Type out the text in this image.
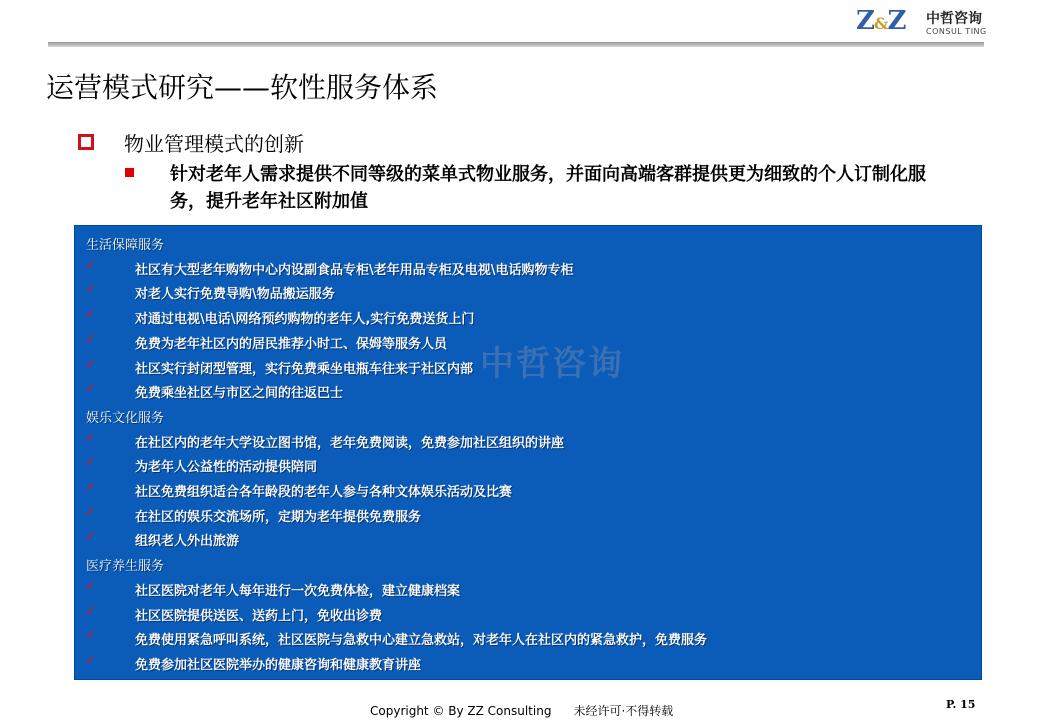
Z&Z 中哲咨询
CONSUL TING
运营模式研究——软性服务体系
物业管理模式的创新
针对老年人需求提供不同等级的菜单式物业服务，并面向高端客群提供更为细致的个人订制化服务，提升老年社区附加值
生活保障服务
✓	社区有大型老年购物中心内设副食品专柜\老年用品专柜及电视\电话购物专柜
✓	对老人实行免费导购\物品搬运服务
✓	对通过电视\电话\网络预约购物的老年人,实行免费送货上门
✓	免费为老年社区内的居民推荐小时工、保姆等服务人员
✓	社区实行封闭型管理，实行免费乘坐电瓶车往来于社区内部
✓	免费乘坐社区与市区之间的往返巴士
娱乐文化服务
✓	在社区内的老年大学设立图书馆，老年免费阅读，免费参加社区组织的讲座
✓	为老年人公益性的活动提供陪同
✓	社区免费组织适合各年龄段的老年人参与各种文体娱乐活动及比赛
✓	在社区的娱乐交流场所，定期为老年提供免费服务
✓	组织老人外出旅游
医疗养生服务
✓	社区医院对老年人每年进行一次免费体检，建立健康档案
✓	社区医院提供送医、送药上门，免收出诊费
✓	免费使用紧急呼叫系统，社区医院与急救中心建立急救站，对老年人在社区内的紧急救护，免费服务
✓	免费参加社区医院举办的健康咨询和健康教育讲座
中哲咨询
Copyright © By ZZ Consulting 未经许可·不得转载	P. 15
